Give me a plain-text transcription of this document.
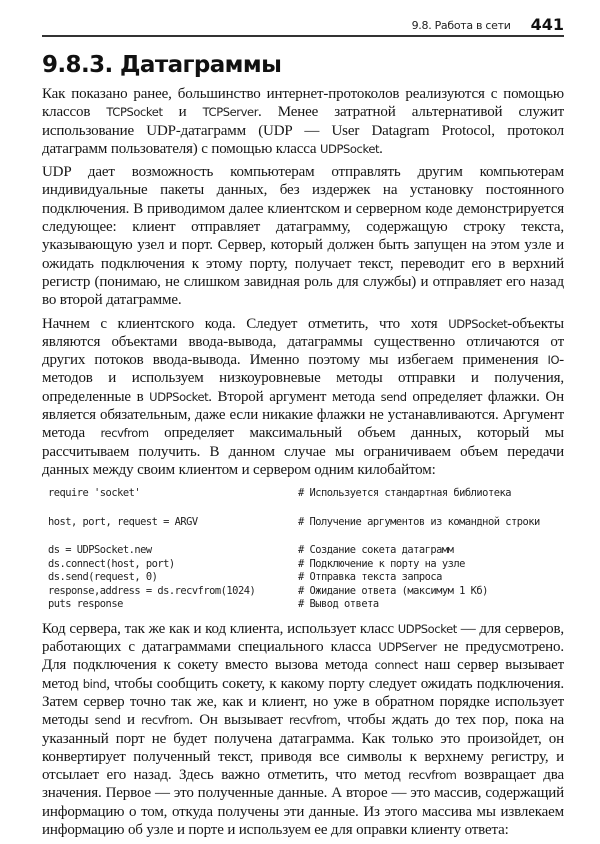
9.8. Работа в сети 441
9.8.3. Датаграммы

Как показано ранее, большинство интернет-протоколов реализуются с помощью классов TCPSocket и TCPServer. Менее затратной альтернативой служит использование UDP-датаграмм (UDP — User Datagram Protocol, протокол датаграмм пользователя) с помощью класса UDPSocket.

UDP дает возможность компьютерам отправлять другим компьютерам индивидуальные пакеты данных, без издержек на установку постоянного подключения. В приводимом далее клиентском и серверном коде демонстрируется следующее: клиент отправляет датаграмму, содержащую строку текста, указывающую узел и порт. Сервер, который должен быть запущен на этом узле и ожидать подключения к этому порту, получает текст, переводит его в верхний регистр (понимаю, не слишком завидная роль для службы) и отправляет его назад во второй датаграмме.

Начнем с клиентского кода. Следует отметить, что хотя UDPSocket-объекты являются объектами ввода-вывода, датаграммы существенно отличаются от других потоков ввода-вывода. Именно поэтому мы избегаем применения IO-методов и используем низкоуровневые методы отправки и получения, определенные в UDPSocket. Второй аргумент метода send определяет флажки. Он является обязательным, даже если никакие флажки не устанавливаются. Аргумент метода recvfrom определяет максимальный объем данных, который мы рассчитываем получить. В данном случае мы ограничиваем объем передачи данных между своим клиентом и сервером одним килобайтом:

require 'socket'	# Используется стандартная библиотека
host, port, request = ARGV	# Получение аргументов из командной строки
ds = UDPSocket.new	# Создание сокета датаграмм
ds.connect(host, port)	# Подключение к порту на узле
ds.send(request, 0)	# Отправка текста запроса
response,address = ds.recvfrom(1024)	# Ожидание ответа (максимум 1 Кб)
puts response	# Вывод ответа

Код сервера, так же как и код клиента, использует класс UDPSocket — для серверов, работающих с датаграммами специального класса UDPServer не предусмотрено. Для подключения к сокету вместо вызова метода connect наш сервер вызывает метод bind, чтобы сообщить сокету, к какому порту следует ожидать подключения. Затем сервер точно так же, как и клиент, но уже в обратном порядке использует методы send и recvfrom. Он вызывает recvfrom, чтобы ждать до тех пор, пока на указанный порт не будет получена датаграмма. Как только это произойдет, он конвертирует полученный текст, приводя все символы к верхнему регистру, и отсылает его назад. Здесь важно отметить, что метод recvfrom возвращает два значения. Первое — это полученные данные. А второе — это массив, содержащий информацию о том, откуда получены эти данные. Из этого массива мы извлекаем информацию об узле и порте и используем ее для оправки клиенту ответа:
